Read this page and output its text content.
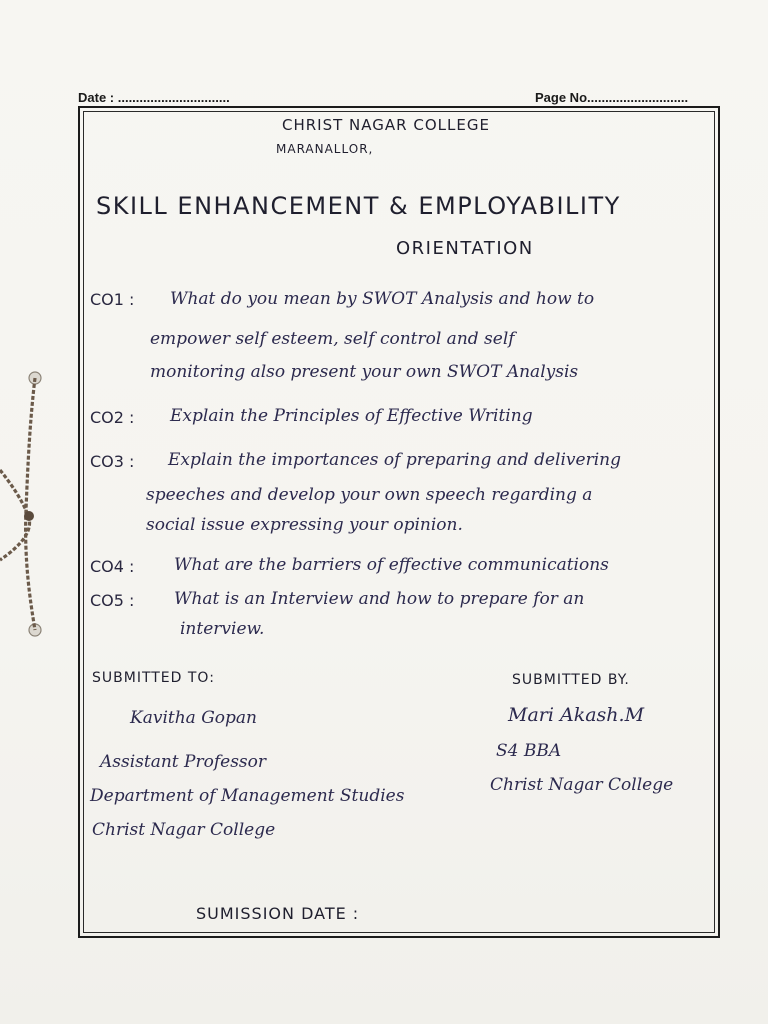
Date : ...............................	Page No............................
CHRIST NAGAR COLLEGE
MARANALLOR,
SKILL ENHANCEMENT & EMPLOYABILITY
ORIENTATION
CO1 : What do you mean by SWOT Analysis and how to
empower self esteem, self control and self
monitoring also present your own SWOT Analysis
CO2 : Explain the Principles of Effective Writing
CO3 : Explain the importances of preparing and delivering
speeches and develop your own speech regarding a
social issue expressing your opinion.
CO4 : What are the barriers of effective communications
CO5 : What is an Interview and how to prepare for an
interview.
SUBMITTED TO:
Kavitha Gopan
Assistant Professor
Department of Management Studies
Christ Nagar College
SUBMITTED BY.
Mari Akash.M
S4 BBA
Christ Nagar College
SUMISSION DATE :
